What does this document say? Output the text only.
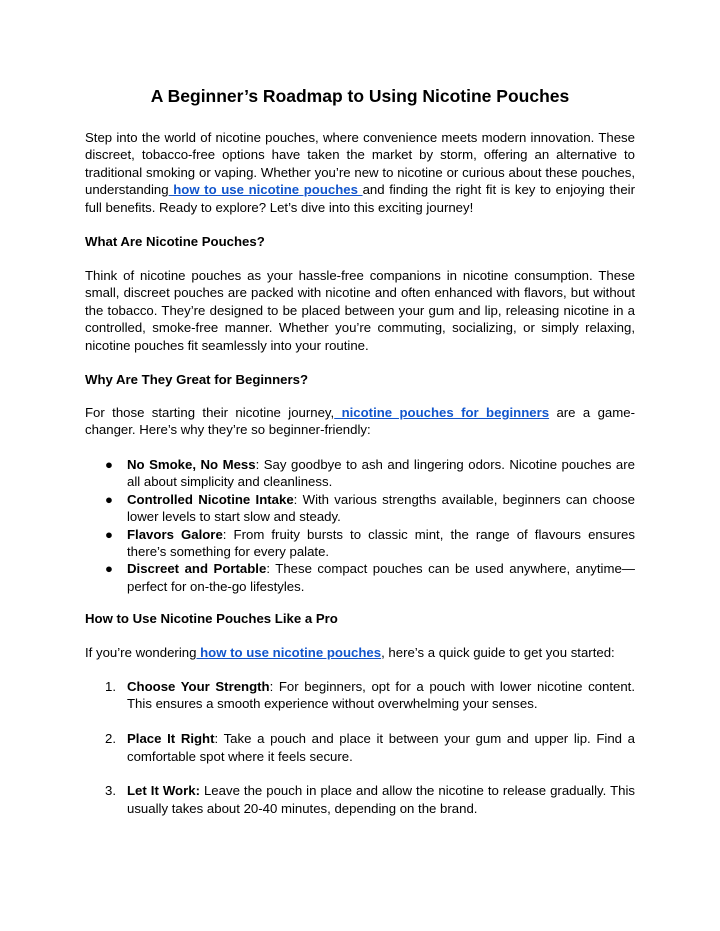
A Beginner’s Roadmap to Using Nicotine Pouches

Step into the world of nicotine pouches, where convenience meets modern innovation. These discreet, tobacco-free options have taken the market by storm, offering an alternative to traditional smoking or vaping. Whether you’re new to nicotine or curious about these pouches, understanding how to use nicotine pouches and finding the right fit is key to enjoying their full benefits. Ready to explore? Let’s dive into this exciting journey!

What Are Nicotine Pouches?

Think of nicotine pouches as your hassle-free companions in nicotine consumption. These small, discreet pouches are packed with nicotine and often enhanced with flavors, but without the tobacco. They’re designed to be placed between your gum and lip, releasing nicotine in a controlled, smoke-free manner. Whether you’re commuting, socializing, or simply relaxing, nicotine pouches fit seamlessly into your routine.

Why Are They Great for Beginners?

For those starting their nicotine journey, nicotine pouches for beginners are a game-changer. Here’s why they’re so beginner-friendly:

● No Smoke, No Mess: Say goodbye to ash and lingering odors. Nicotine pouches are all about simplicity and cleanliness.
● Controlled Nicotine Intake: With various strengths available, beginners can choose lower levels to start slow and steady.
● Flavors Galore: From fruity bursts to classic mint, the range of flavours ensures there’s something for every palate.
● Discreet and Portable: These compact pouches can be used anywhere, anytime—perfect for on-the-go lifestyles.
How to Use Nicotine Pouches Like a Pro

If you’re wondering how to use nicotine pouches, here’s a quick guide to get you started:

1. Choose Your Strength: For beginners, opt for a pouch with lower nicotine content. This ensures a smooth experience without overwhelming your senses.
2. Place It Right: Take a pouch and place it between your gum and upper lip. Find a comfortable spot where it feels secure.
3. Let It Work: Leave the pouch in place and allow the nicotine to release gradually. This usually takes about 20-40 minutes, depending on the brand.
